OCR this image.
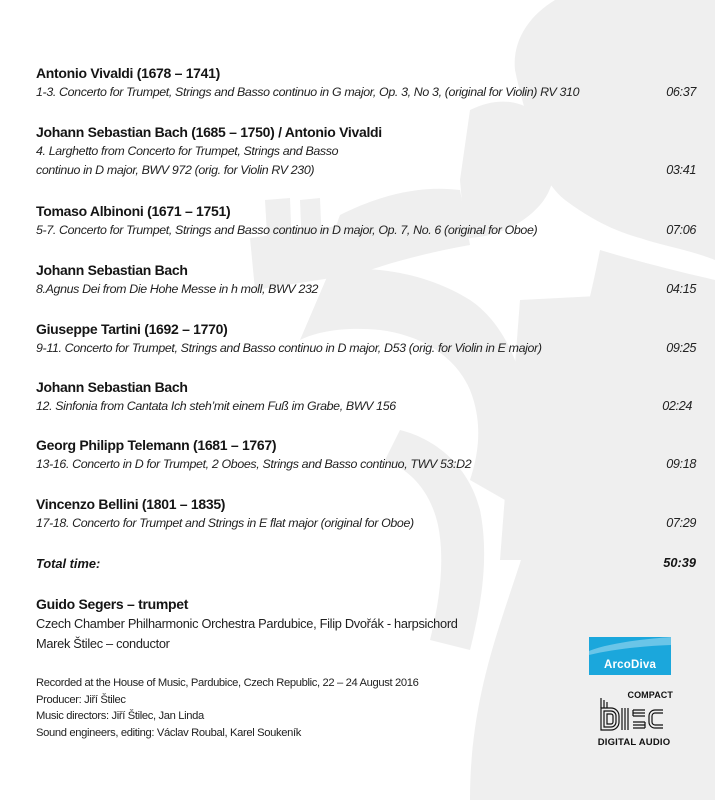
Antonio Vivaldi (1678 – 1741)
1-3. Concerto for Trumpet, Strings and Basso continuo in G major, Op. 3, No 3, (original for Violin) RV 310	06:37
Johann Sebastian Bach (1685 – 1750) / Antonio Vivaldi
4. Larghetto from Concerto for Trumpet, Strings and Basso
continuo in D major, BWV 972 (orig. for Violin RV 230)	03:41
Tomaso Albinoni (1671 – 1751)
5-7. Concerto for Trumpet, Strings and Basso continuo in D major, Op. 7, No. 6 (original for Oboe)	07:06
Johann Sebastian Bach
8.Agnus Dei from Die Hohe Messe in h moll, BWV 232	04:15
Giuseppe Tartini (1692 – 1770)
9-11. Concerto for Trumpet, Strings and Basso continuo in D major, D53 (orig. for Violin in E major)	09:25
Johann Sebastian Bach
12. Sinfonia from Cantata Ich steh’mit einem Fuß im Grabe, BWV 156	02:24
Georg Philipp Telemann (1681 – 1767)
13-16. Concerto in D for Trumpet, 2 Oboes, Strings and Basso continuo, TWV 53:D2	09:18
Vincenzo Bellini (1801 – 1835)
17-18. Concerto for Trumpet and Strings in E flat major (original for Oboe)	07:29
Total time:	50:39
Guido Segers – trumpet
Czech Chamber Philharmonic Orchestra Pardubice, Filip Dvořák - harpsichord
Marek Štilec – conductor
Recorded at the House of Music, Pardubice, Czech Republic, 22 – 24 August 2016
Producer: Jiří Štilec
Music directors: Jiří Štilec, Jan Linda
Sound engineers, editing: Václav Roubal, Karel Soukeník
ArcoDiva
COMPACT
DIGITAL AUDIO
